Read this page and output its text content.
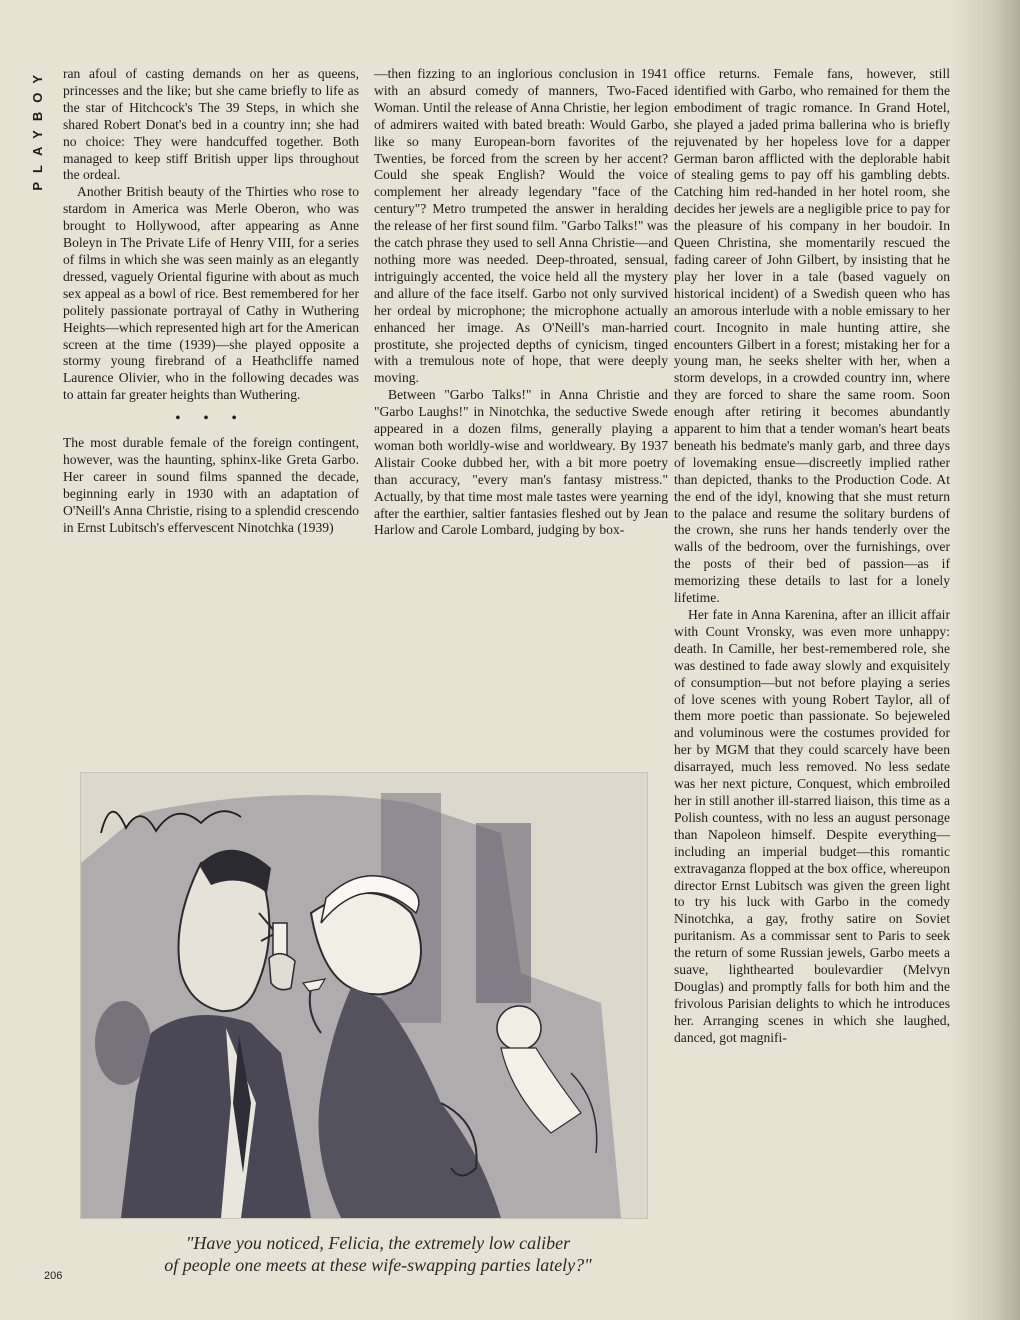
PLAYBOY	ran afoul of casting demands on her as queens, princesses and the like; but she came briefly to life as the star of Hitchcock's The 39 Steps, in which she shared Robert Donat's bed in a country inn; she had no choice: They were handcuffed together. Both managed to keep stiff British upper lips throughout the ordeal.

Another British beauty of the Thirties who rose to stardom in America was Merle Oberon, who was brought to Hollywood, after appearing as Anne Boleyn in The Private Life of Henry VIII, for a series of films in which she was seen mainly as an elegantly dressed, vaguely Oriental figurine with about as much sex appeal as a bowl of rice. Best remembered for her politely passionate portrayal of Cathy in Wuthering Heights—which represented high art for the American screen at the time (1939)—she played opposite a stormy young firebrand of a Heathcliffe named Laurence Olivier, who in the following decades was to attain far greater heights than Wuthering.

• • •

The most durable female of the foreign contingent, however, was the haunting, sphinx-like Greta Garbo. Her career in sound films spanned the decade, beginning early in 1930 with an adaptation of O'Neill's Anna Christie, rising to a splendid crescendo in Ernst Lubitsch's effervescent Ninotchka (1939)

—then fizzing to an inglorious conclusion in 1941 with an absurd comedy of manners, Two-Faced Woman. Until the release of Anna Christie, her legion of admirers waited with bated breath: Would Garbo, like so many European-born favorites of the Twenties, be forced from the screen by her accent? Could she speak English? Would the voice complement her already legendary "face of the century"? Metro trumpeted the answer in heralding the release of her first sound film. "Garbo Talks!" was the catch phrase they used to sell Anna Christie—and nothing more was needed. Deep-throated, sensual, intriguingly accented, the voice held all the mystery and allure of the face itself. Garbo not only survived her ordeal by microphone; the microphone actually enhanced her image. As O'Neill's man-harried prostitute, she projected depths of cynicism, tinged with a tremulous note of hope, that were deeply moving.

Between "Garbo Talks!" in Anna Christie and "Garbo Laughs!" in Ninotchka, the seductive Swede appeared in a dozen films, generally playing a woman both worldly-wise and worldweary. By 1937 Alistair Cooke dubbed her, with a bit more poetry than accuracy, "every man's fantasy mistress." Actually, by that time most male tastes were yearning after the earthier, saltier fantasies fleshed out by Jean Harlow and Carole Lombard, judging by box-

office returns. Female fans, however, still identified with Garbo, who remained for them the embodiment of tragic romance. In Grand Hotel, she played a jaded prima ballerina who is briefly rejuvenated by her hopeless love for a dapper German baron afflicted with the deplorable habit of stealing gems to pay off his gambling debts. Catching him red-handed in her hotel room, she decides her jewels are a negligible price to pay for the pleasure of his company in her boudoir. In Queen Christina, she momentarily rescued the fading career of John Gilbert, by insisting that he play her lover in a tale (based vaguely on historical incident) of a Swedish queen who has an amorous interlude with a noble emissary to her court. Incognito in male hunting attire, she encounters Gilbert in a forest; mistaking her for a young man, he seeks shelter with her, when a storm develops, in a crowded country inn, where they are forced to share the same room. Soon enough after retiring it becomes abundantly apparent to him that a tender woman's heart beats beneath his bedmate's manly garb, and three days of lovemaking ensue—discreetly implied rather than depicted, thanks to the Production Code. At the end of the idyl, knowing that she must return to the palace and resume the solitary burdens of the crown, she runs her hands tenderly over the walls of the bedroom, over the furnishings, over the posts of their bed of passion—as if memorizing these details to last for a lonely lifetime.

Her fate in Anna Karenina, after an illicit affair with Count Vronsky, was even more unhappy: death. In Camille, her best-remembered role, she was destined to fade away slowly and exquisitely of consumption—but not before playing a series of love scenes with young Robert Taylor, all of them more poetic than passionate. So bejeweled and voluminous were the costumes provided for her by MGM that they could scarcely have been disarrayed, much less removed. No less sedate was her next picture, Conquest, which embroiled her in still another ill-starred liaison, this time as a Polish countess, with no less an august personage than Napoleon himself. Despite everything—including an imperial budget—this romantic extravaganza flopped at the box office, whereupon director Ernst Lubitsch was given the green light to try his luck with Garbo in the comedy Ninotchka, a gay, frothy satire on Soviet puritanism. As a commissar sent to Paris to seek the return of some Russian jewels, Garbo meets a suave, lighthearted boulevardier (Melvyn Douglas) and promptly falls for both him and the frivolous Parisian delights to which he introduces her. Arranging scenes in which she laughed, danced, got magnifi-

"Have you noticed, Felicia, the extremely low caliber
of people one meets at these wife-swapping parties lately?"
206
